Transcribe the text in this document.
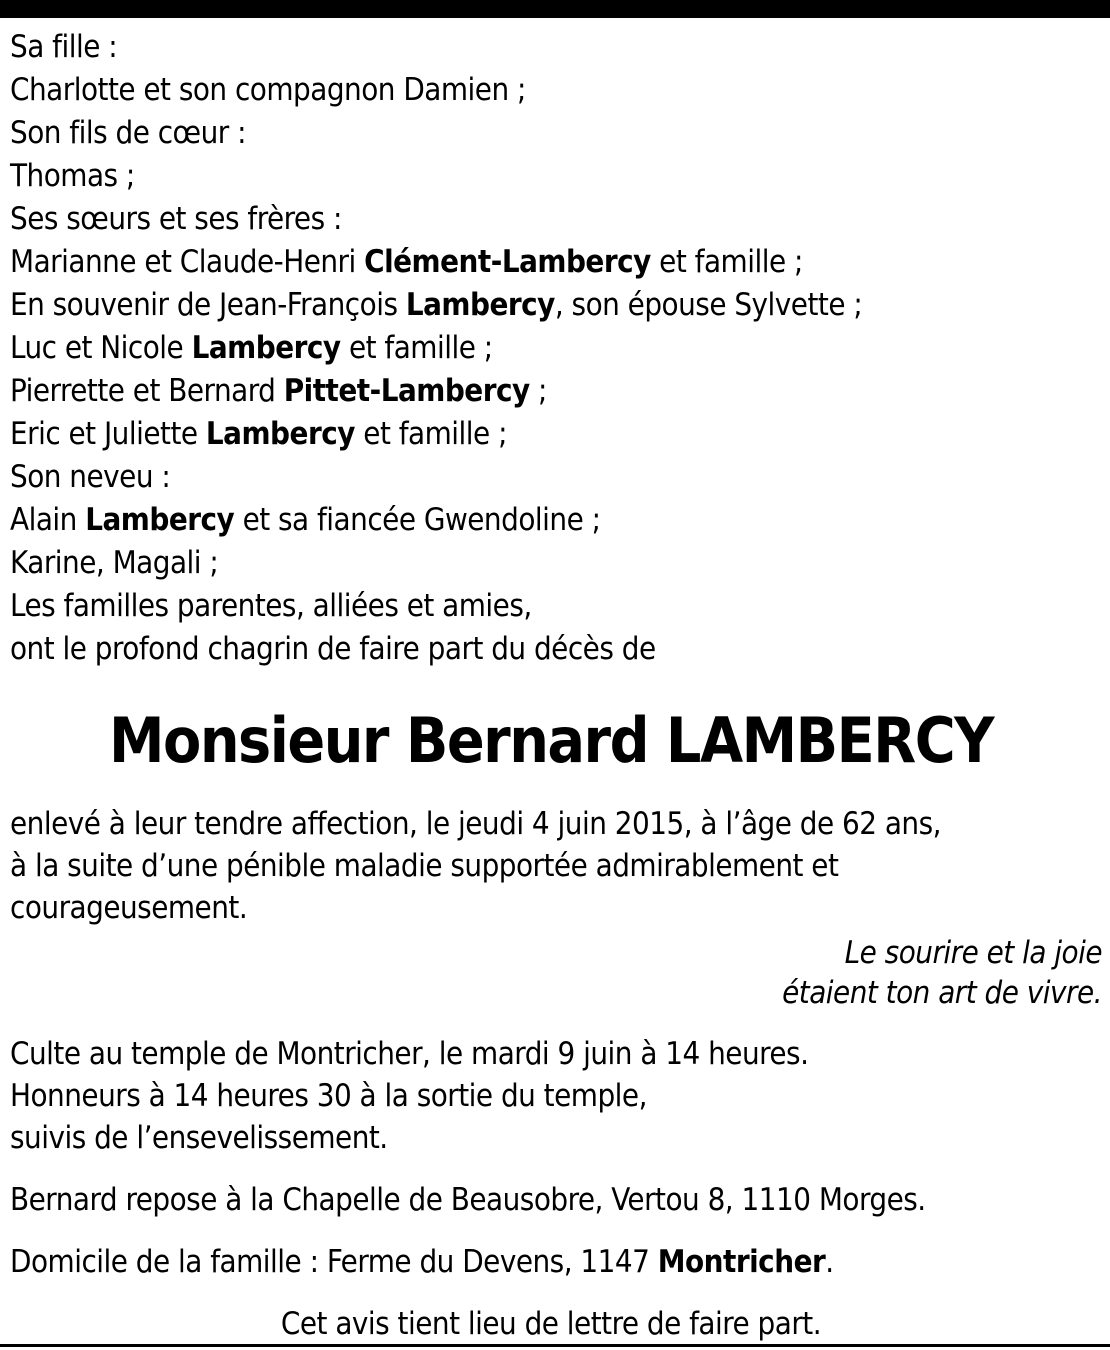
Sa fille :
Charlotte et son compagnon Damien ;
Son fils de cœur :
Thomas ;
Ses sœurs et ses frères :
Marianne et Claude-Henri Clément-Lambercy et famille ;
En souvenir de Jean-François Lambercy, son épouse Sylvette ;
Luc et Nicole Lambercy et famille ;
Pierrette et Bernard Pittet-Lambercy ;
Eric et Juliette Lambercy et famille ;
Son neveu :
Alain Lambercy et sa fiancée Gwendoline ;
Karine, Magali ;
Les familles parentes, alliées et amies,
ont le profond chagrin de faire part du décès de
Monsieur Bernard LAMBERCY
enlevé à leur tendre affection, le jeudi 4 juin 2015, à l’âge de 62 ans,
à la suite d’une pénible maladie supportée admirablement et
courageusement.
Le sourire et la joie
étaient ton art de vivre.
Culte au temple de Montricher, le mardi 9 juin à 14 heures.
Honneurs à 14 heures 30 à la sortie du temple,
suivis de l’ensevelissement.
Bernard repose à la Chapelle de Beausobre, Vertou 8, 1110 Morges.
Domicile de la famille : Ferme du Devens, 1147 Montricher.
Cet avis tient lieu de lettre de faire part.
